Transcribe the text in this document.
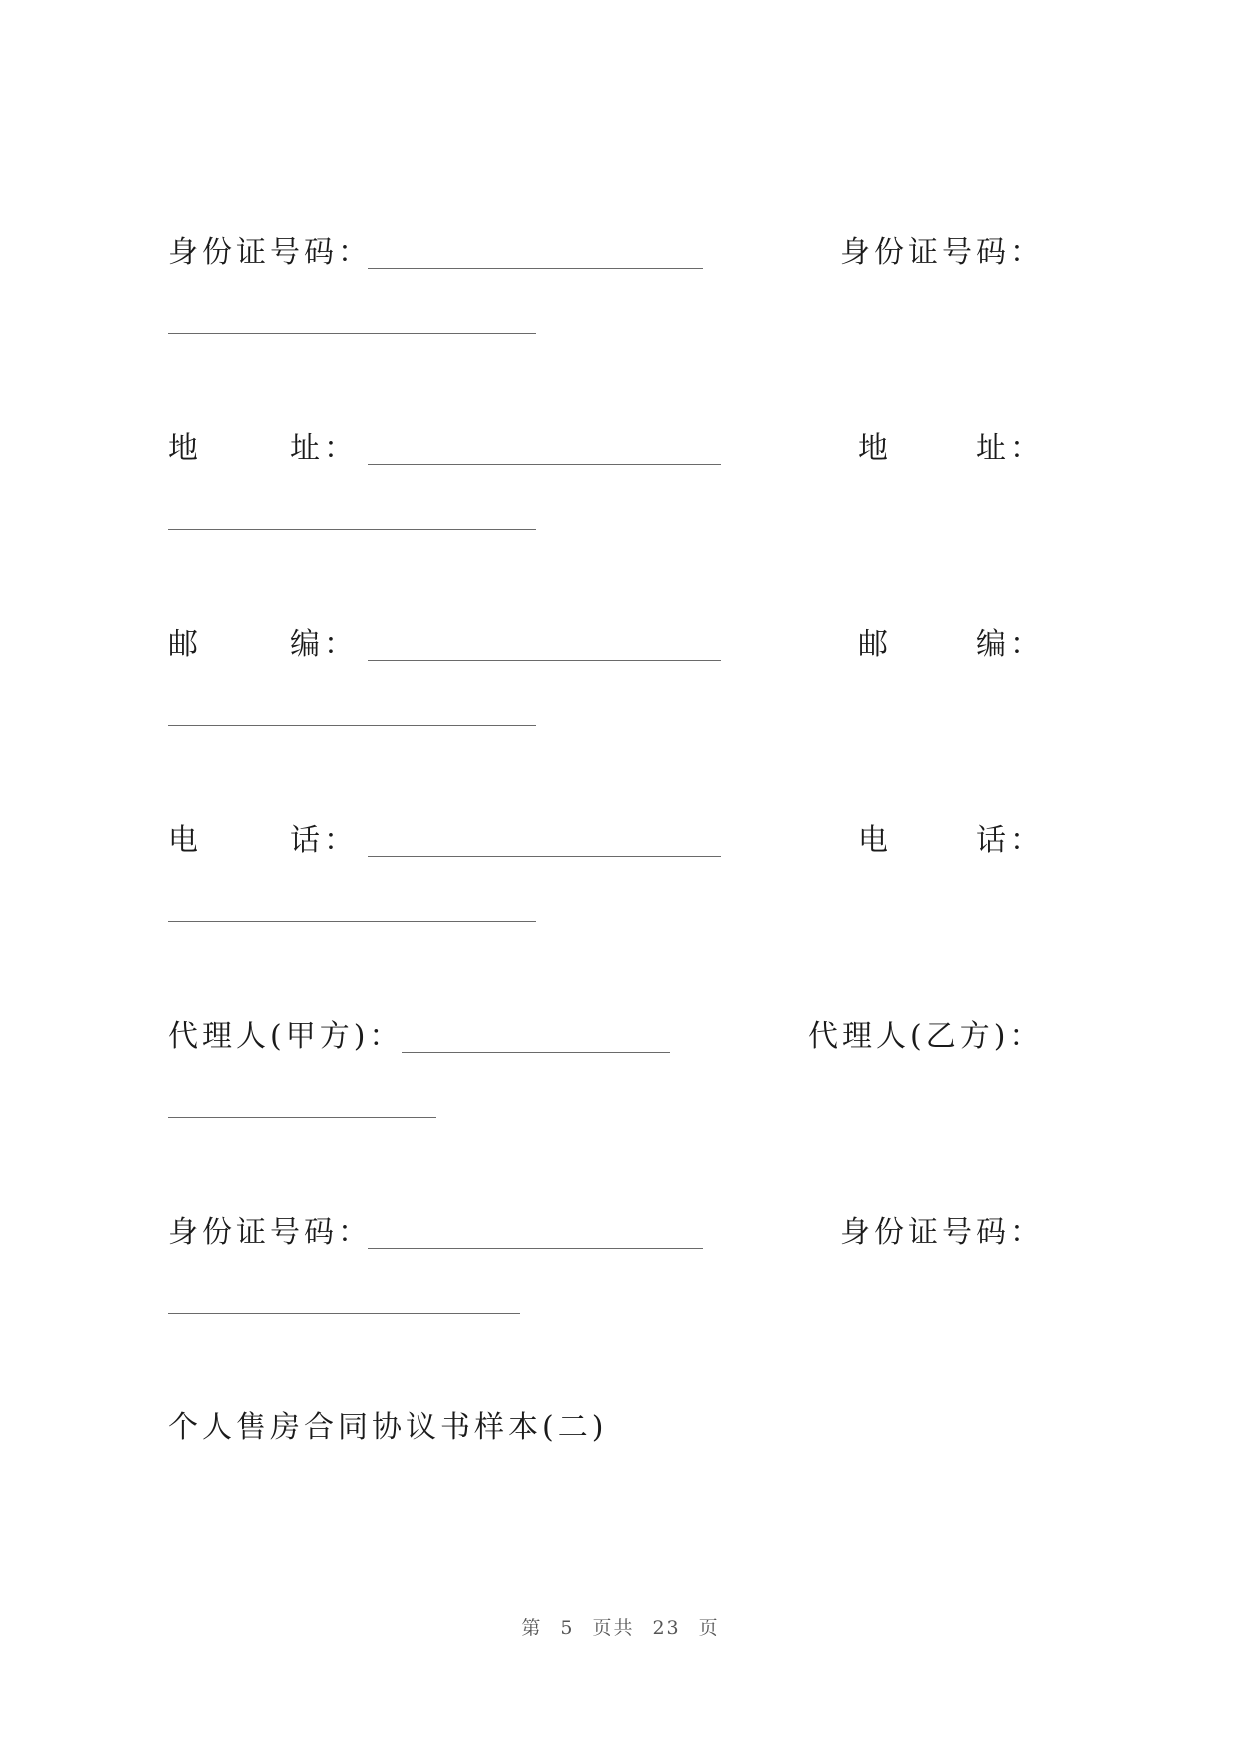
身份证号码：	身份证号码：
地	址：	地	址：
邮	编：	邮	编：
电	话：	电	话：
代理人(甲方)：	代理人(乙方)：
身份证号码：	身份证号码：
个人售房合同协议书样本(二)
第 5 页共 23 页
